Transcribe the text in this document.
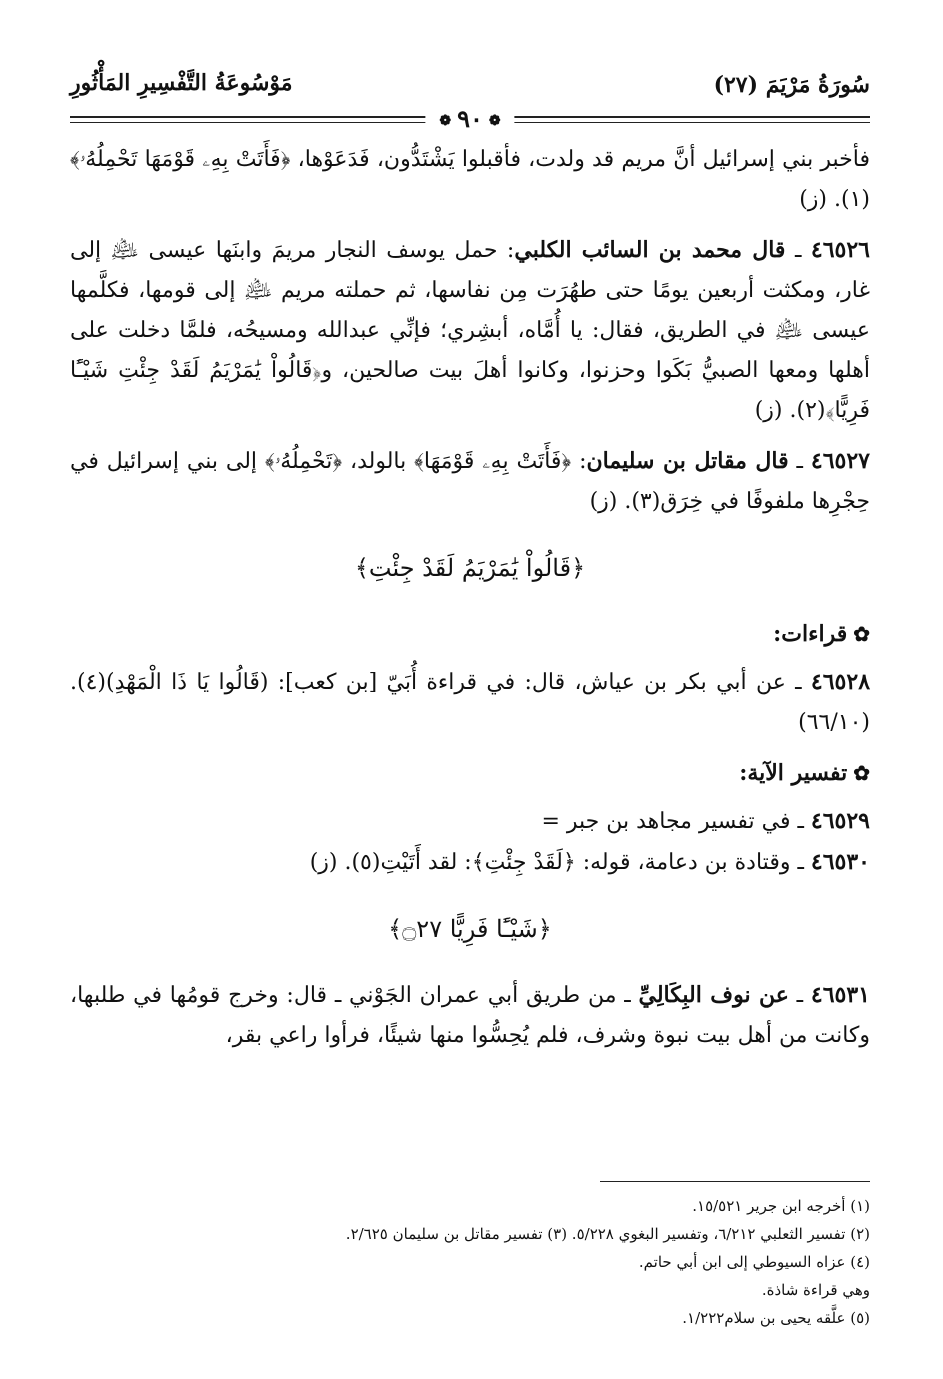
سُورَةُ مَرْيَمَ (٢٧)
مَوْسُوعَةُ التَّفْسِيرِ المَأْثُورِ
❁٩٠❁

فأخبر بني إسرائيل أنَّ مريم قد ولدت، فأقبلوا يَشْتَدُّون، فَدَعَوْها، ﴿فَأَتَتْ بِهِۦ قَوْمَهَا تَحْمِلُهُۥ﴾(١). (ز)

٤٦٥٢٦ ـ قال محمد بن السائب الكلبي: حمل يوسف النجار مريمَ وابنَها عيسى ﵇ إلى غار، ومكثت أربعين يومًا حتى طهُرَت مِن نفاسها، ثم حملته مريم ﵇ إلى قومها، فكلَّمها عيسى ﵇ في الطريق، فقال: يا أُمَّاه، أبشِري؛ فإنِّي عبدالله ومسيحُه، فلمَّا دخلت على أهلها ومعها الصبيُّ بَكَوا وحزنوا، وكانوا أهلَ بيت صالحين، و﴿قَالُواْ يَٰمَرْيَمُ لَقَدْ جِئْتِ شَيْـًٔا فَرِيًّا﴾(٢). (ز)

٤٦٥٢٧ ـ قال مقاتل بن سليمان: ﴿فَأَتَتْ بِهِۦ قَوْمَهَا﴾ بالولد، ﴿تَحْمِلُهُۥ﴾ إلى بني إسرائيل في حِجْرِها ملفوفًا في خِرَق(٣). (ز)

﴿قَالُواْ يَٰمَرْيَمُ لَقَدْ جِئْتِ﴾
✿قراءات:

٤٦٥٢٨ ـ عن أبي بكر بن عياش، قال: في قراءة أُبَيّ [بن كعب]: (قَالُوا يَا ذَا الْمَهْدِ)(٤). (٦٦/١٠)

✿تفسير الآية:

٤٦٥٢٩ ـ في تفسير مجاهد بن جبر =

٤٦٥٣٠ ـ وقتادة بن دعامة، قوله: ﴿لَقَدْ جِئْتِ﴾: لقد أَتَيْتِ(٥). (ز)

﴿شَيْـًٔا فَرِيًّا ۝٢٧﴾

٤٦٥٣١ ـ عن نوف البِكَالِيِّ ـ من طريق أبي عمران الجَوْني ـ قال: وخرج قومُها في طلبها، وكانت من أهل بيت نبوة وشرف، فلم يُحِسُّوا منها شيئًا، فرأوا راعي بقر،

(١) أخرجه ابن جرير ١٥/٥٢١.
(٢) تفسير الثعلبي ٦/٢١٢، وتفسير البغوي ٥/٢٢٨. (٣) تفسير مقاتل بن سليمان ٢/٦٢٥.
(٤) عزاه السيوطي إلى ابن أبي حاتم.
وهي قراءة شاذة.
(٥) علَّقه يحيى بن سلام١/٢٢٢.
